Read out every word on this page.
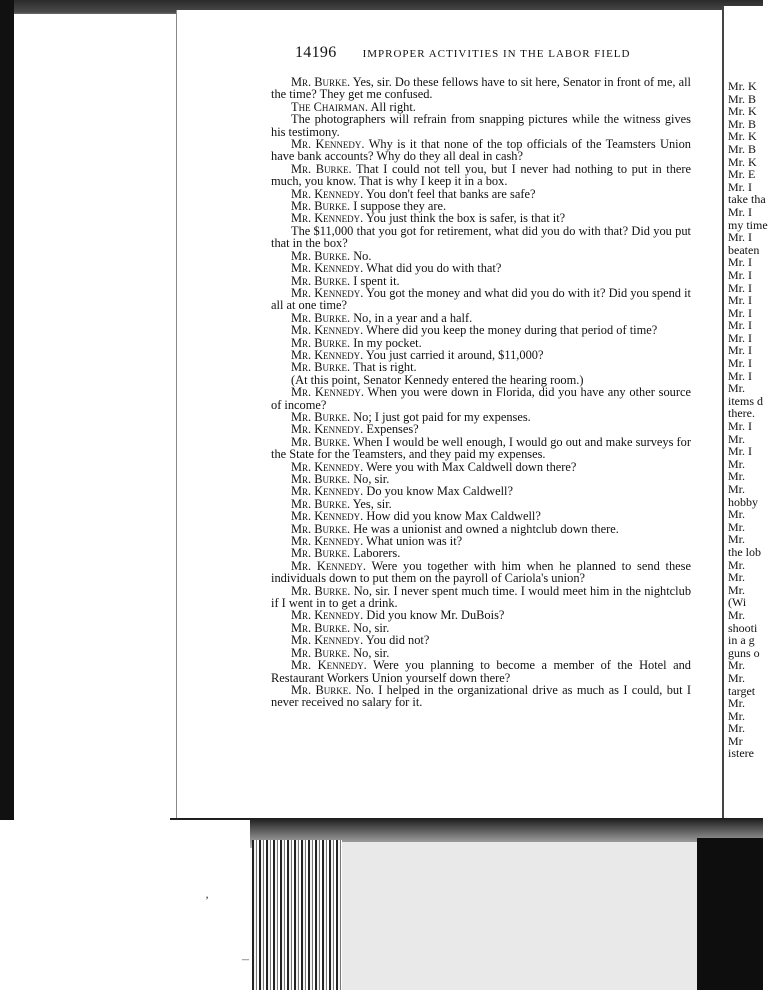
14196 IMPROPER ACTIVITIES IN THE LABOR FIELD
Mr. Burke. Yes, sir. Do these fellows have to sit here, Senator in front of me, all the time? They get me confused.
The Chairman. All right.
The photographers will refrain from snapping pictures while the witness gives his testimony.
Mr. Kennedy. Why is it that none of the top officials of the Teamsters Union have bank accounts? Why do they all deal in cash?
Mr. Burke. That I could not tell you, but I never had nothing to put in there much, you know. That is why I keep it in a box.
Mr. Kennedy. You don't feel that banks are safe?
Mr. Burke. I suppose they are.
Mr. Kennedy. You just think the box is safer, is that it?
The $11,000 that you got for retirement, what did you do with that? Did you put that in the box?
Mr. Burke. No.
Mr. Kennedy. What did you do with that?
Mr. Burke. I spent it.
Mr. Kennedy. You got the money and what did you do with it? Did you spend it all at one time?
Mr. Burke. No, in a year and a half.
Mr. Kennedy. Where did you keep the money during that period of time?
Mr. Burke. In my pocket.
Mr. Kennedy. You just carried it around, $11,000?
Mr. Burke. That is right.
(At this point, Senator Kennedy entered the hearing room.)
Mr. Kennedy. When you were down in Florida, did you have any other source of income?
Mr. Burke. No; I just got paid for my expenses.
Mr. Kennedy. Expenses?
Mr. Burke. When I would be well enough, I would go out and make surveys for the State for the Teamsters, and they paid my expenses.
Mr. Kennedy. Were you with Max Caldwell down there?
Mr. Burke. No, sir.
Mr. Kennedy. Do you know Max Caldwell?
Mr. Burke. Yes, sir.
Mr. Kennedy. How did you know Max Caldwell?
Mr. Burke. He was a unionist and owned a nightclub down there.
Mr. Kennedy. What union was it?
Mr. Burke. Laborers.
Mr. Kennedy. Were you together with him when he planned to send these individuals down to put them on the payroll of Cariola's union?
Mr. Burke. No, sir. I never spent much time. I would meet him in the nightclub if I went in to get a drink.
Mr. Kennedy. Did you know Mr. DuBois?
Mr. Burke. No, sir.
Mr. Kennedy. You did not?
Mr. Burke. No, sir.
Mr. Kennedy. Were you planning to become a member of the Hotel and Restaurant Workers Union yourself down there?
Mr. Burke. No. I helped in the organizational drive as much as I could, but I never received no salary for it.
Mr. K
Mr. B
Mr. K
Mr. B
Mr. K
Mr. B
Mr. K
Mr. E
Mr. I
take tha
Mr. I
my time
Mr. I
beaten
Mr. I
Mr. I
Mr. I
Mr. I
Mr. I
Mr. I
Mr. I
Mr. I
Mr. I
Mr. I
Mr.
items d
there.
Mr. I
Mr.
Mr. I
Mr.
Mr.
Mr.
hobby
Mr.
Mr.
Mr.
the lob
Mr.
Mr.
Mr.
(Wi
Mr.
shooti
in a g
guns o
Mr.
Mr.
target
Mr.
Mr.
Mr.
Mr
istere
’
–
